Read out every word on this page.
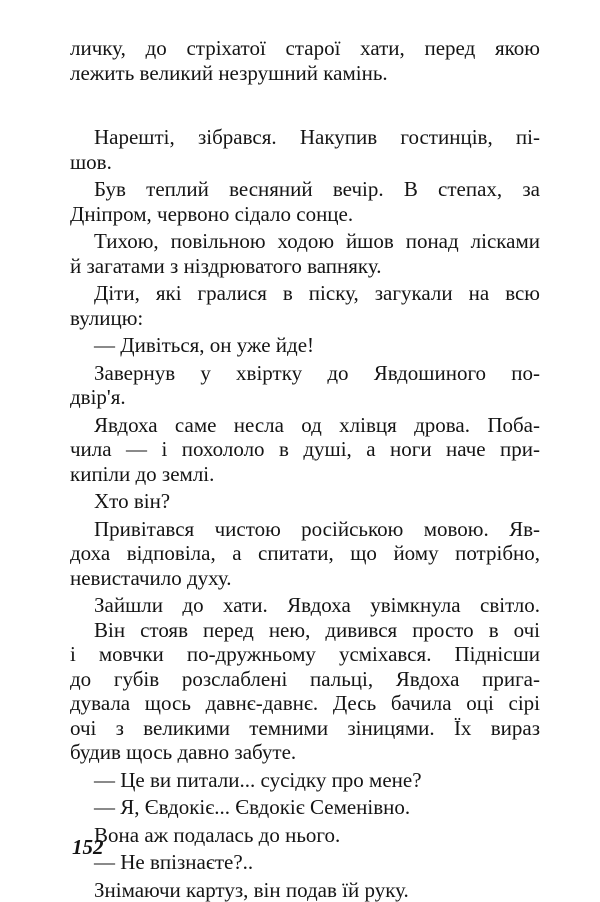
личку, до стріхатої старої хати, перед якою
лежить великий незрушний камінь.
Нарешті, зібрався. Накупив гостинців, пі-
шов.
Був теплий весняний вечір. В степах, за
Дніпром, червоно сідало сонце.
Тихою, повільною ходою йшов понад лісками
й загатами з ніздрюватого вапняку.
Діти, які гралися в піску, загукали на всю
вулицю:
— Дивіться, он уже йде!
Завернув у хвіртку до Явдошиного по-
двір'я.
Явдоха саме несла од хлівця дрова. Поба-
чила — і похололо в душі, а ноги наче при-
кипіли до землі.
Хто він?
Привітався чистою російською мовою. Яв-
доха відповіла, а спитати, що йому потрібно,
невистачило духу.
Зайшли до хати. Явдоха увімкнула світло.
Він стояв перед нею, дивився просто в очі
і мовчки по-дружньому усміхався. Піднісши
до губів розслаблені пальці, Явдоха прига-
дувала щось давнє-давнє. Десь бачила оці сірі
очі з великими темними зіницями. Їх вираз
будив щось давно забуте.
— Це ви питали... сусідку про мене?
— Я, Євдокіє... Євдокіє Семенівно.
Вона аж подалась до нього.
— Не впізнаєте?..
Знімаючи картуз, він подав їй руку.
152
